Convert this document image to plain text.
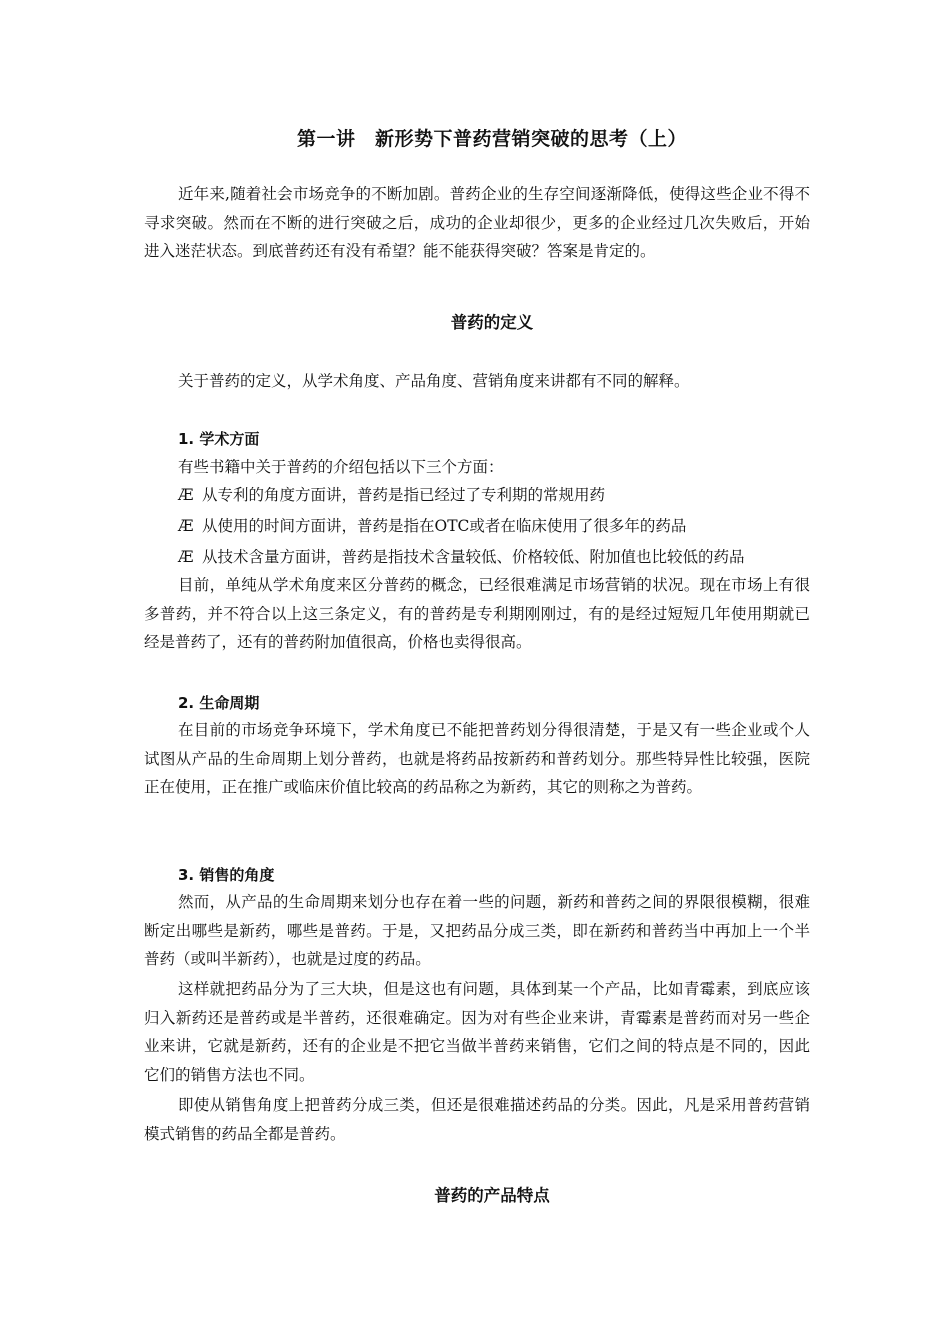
第一讲　新形势下普药营销突破的思考（上）
近年来,随着社会市场竞争的不断加剧。普药企业的生存空间逐渐降低，使得这些企业不得不寻求突破。然而在不断的进行突破之后，成功的企业却很少，更多的企业经过几次失败后，开始进入迷茫状态。到底普药还有没有希望？能不能获得突破？答案是肯定的。
普药的定义
关于普药的定义，从学术角度、产品角度、营销角度来讲都有不同的解释。
1. 学术方面
有些书籍中关于普药的介绍包括以下三个方面：
Æ 从专利的角度方面讲，普药是指已经过了专利期的常规用药
Æ 从使用的时间方面讲，普药是指在OTC或者在临床使用了很多年的药品
Æ 从技术含量方面讲，普药是指技术含量较低、价格较低、附加值也比较低的药品
目前，单纯从学术角度来区分普药的概念，已经很难满足市场营销的状况。现在市场上有很多普药，并不符合以上这三条定义，有的普药是专利期刚刚过，有的是经过短短几年使用期就已经是普药了，还有的普药附加值很高，价格也卖得很高。
2. 生命周期
在目前的市场竞争环境下，学术角度已不能把普药划分得很清楚，于是又有一些企业或个人试图从产品的生命周期上划分普药，也就是将药品按新药和普药划分。那些特异性比较强，医院正在使用，正在推广或临床价值比较高的药品称之为新药，其它的则称之为普药。
3. 销售的角度
然而，从产品的生命周期来划分也存在着一些的问题，新药和普药之间的界限很模糊，很难断定出哪些是新药，哪些是普药。于是，又把药品分成三类，即在新药和普药当中再加上一个半普药（或叫半新药），也就是过度的药品。
这样就把药品分为了三大块，但是这也有问题，具体到某一个产品，比如青霉素，到底应该归入新药还是普药或是半普药，还很难确定。因为对有些企业来讲，青霉素是普药而对另一些企业来讲，它就是新药，还有的企业是不把它当做半普药来销售，它们之间的特点是不同的，因此它们的销售方法也不同。
即使从销售角度上把普药分成三类，但还是很难描述药品的分类。因此，凡是采用普药营销模式销售的药品全都是普药。
普药的产品特点
